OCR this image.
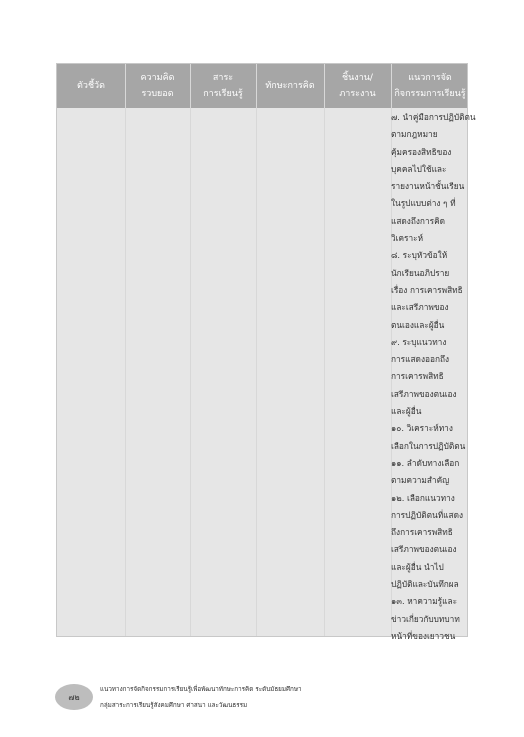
ตัวชี้วัด
ความคิด
รวบยอด
สาระ
การเรียนรู้
ทักษะการคิด
ชิ้นงาน/
ภาระงาน
แนวการจัด
กิจกรรมการเรียนรู้
๗. นำคู่มือการปฏิบัติตน
ตามกฎหมาย
คุ้มครองสิทธิของ
บุคคลไปใช้และ
รายงานหน้าชั้นเรียน
ในรูปแบบต่าง ๆ ที่
แสดงถึงการคิด
วิเคราะห์
๘. ระบุหัวข้อให้
นักเรียนอภิปราย
เรื่อง การเคารพสิทธิ
และเสรีภาพของ
ตนเองและผู้อื่น
๙. ระบุแนวทาง
การแสดงออกถึง
การเคารพสิทธิ
เสรีภาพของตนเอง
และผู้อื่น
๑๐. วิเคราะห์ทาง
เลือกในการปฏิบัติตน
๑๑. ลำดับทางเลือก
ตามความสำคัญ
๑๒. เลือกแนวทาง
การปฏิบัติตนที่แสดง
ถึงการเคารพสิทธิ
เสรีภาพของตนเอง
และผู้อื่น นำไป
ปฏิบัติและบันทึกผล
๑๓. หาความรู้และ
ข่าวเกี่ยวกับบทบาท
หน้าที่ของเยาวชน
๗๒
แนวทางการจัดกิจกรรมการเรียนรู้เพื่อพัฒนาทักษะการคิด ระดับมัธยมศึกษา
กลุ่มสาระการเรียนรู้สังคมศึกษา ศาสนา และวัฒนธรรม
